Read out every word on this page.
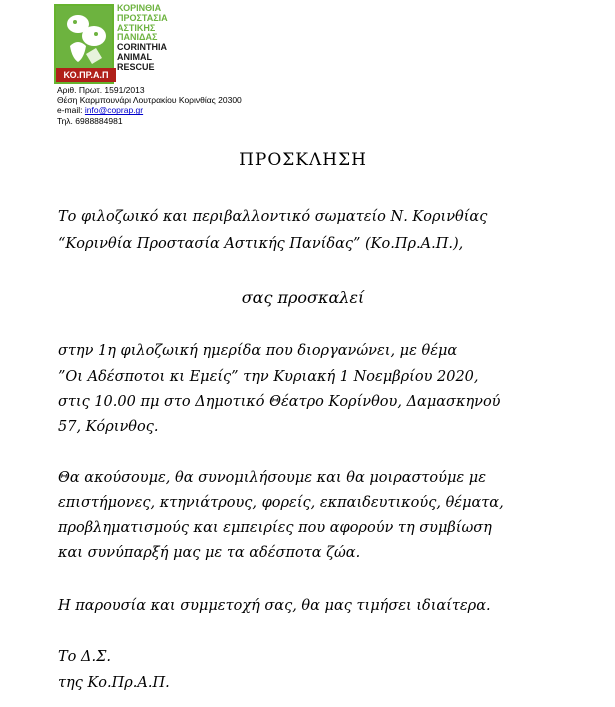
ΚΟ.ΠΡ.Α.Π
ΚΟΡΙΝΘΙΑ
ΠΡΟΣΤΑΣΙΑ
ΑΣΤΙΚΗΣ
ΠΑΝΙΔΑΣ
CORINTHIA
ANIMAL
RESCUE
Αριθ. Πρωτ. 1591/2013
Θέση Καρμπουνάρι Λουτρακίου Κορινθίας 20300
e-mail: info@coprap.gr
Τηλ. 6988884981
ΠΡΟΣΚΛΗΣΗ
Το φιλοζωικό και περιβαλλοντικό σωματείο Ν. Κορινθίας
“Κορινθία Προστασία Αστικής Πανίδας” (Κο.Πρ.Α.Π.),
σας προσκαλεί
στην 1η φιλοζωική ημερίδα που διοργανώνει, με θέμα
”Οι Αδέσποτοι κι Εμείς” την Κυριακή 1 Νοεμβρίου 2020,
στις 10.00 πμ στο Δημοτικό Θέατρο Κορίνθου, Δαμασκηνού
57, Κόρινθος.
Θα ακούσουμε, θα συνομιλήσουμε και θα μοιραστούμε με
επιστήμονες, κτηνιάτρους, φορείς, εκπαιδευτικούς, θέματα,
προβληματισμούς και εμπειρίες που αφορούν τη συμβίωση
και συνύπαρξή μας με τα αδέσποτα ζώα.
Η παρουσία και συμμετοχή σας, θα μας τιμήσει ιδιαίτερα.
Το Δ.Σ.
της Κο.Πρ.Α.Π.
